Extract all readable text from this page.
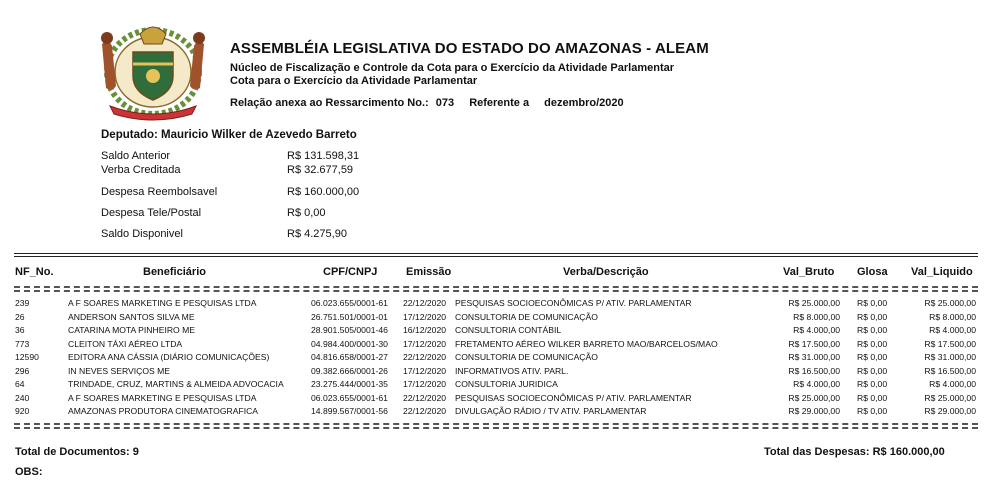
ASSEMBLÉIA LEGISLATIVA DO ESTADO DO AMAZONAS - ALEAM
Núcleo de Fiscalização e Controle da Cota para o Exercício da Atividade Parlamentar
Cota para o Exercício da Atividade Parlamentar
Relação anexa ao Ressarcimento No.: 073 Referente a dezembro/2020
Deputado: Mauricio Wilker de Azevedo Barreto
Saldo Anterior	R$ 131.598,31
Verba Creditada	R$ 32.677,59
Despesa Reembolsavel	R$ 160.000,00
Despesa Tele/Postal	R$ 0,00
Saldo Disponivel	R$ 4.275,90
NF_No.	Beneficiário	CPF/CNPJ	Emissão	Verba/Descrição	Val_Bruto Glosa Val_Liquido
239	A F SOARES MARKETING E PESQUISAS LTDA	06.023.655/0001-61	22/12/2020	PESQUISAS SOCIOECONÔMICAS P/ ATIV. PARLAMENTAR	R$ 25.000,00 R$ 0,00	R$ 25.000,00
26	ANDERSON SANTOS SILVA ME	26.751.501/0001-01	17/12/2020	CONSULTORIA DE COMUNICAÇÃO	R$ 8.000,00 R$ 0,00	R$ 8.000,00
36	CATARINA MOTA PINHEIRO ME	28.901.505/0001-46	16/12/2020	CONSULTORIA CONTÁBIL	R$ 4.000,00 R$ 0,00	R$ 4.000,00
773	CLEITON TÁXI AÉREO LTDA	04.984.400/0001-30	17/12/2020	FRETAMENTO AÉREO WILKER BARRETO MAO/BARCELOS/MAO	R$ 17.500,00 R$ 0,00	R$ 17.500,00
12590	EDITORA ANA CÁSSIA (DIÁRIO COMUNICAÇÕES)	04.816.658/0001-27	22/12/2020	CONSULTORIA DE COMUNICAÇÃO	R$ 31.000,00 R$ 0,00	R$ 31.000,00
296	IN NEVES SERVIÇOS ME	09.382.666/0001-26	17/12/2020	INFORMATIVOS ATIV. PARL.	R$ 16.500,00 R$ 0,00	R$ 16.500,00
64	TRINDADE, CRUZ, MARTINS & ALMEIDA ADVOCACIA	23.275.444/0001-35	17/12/2020	CONSULTORIA JURIDICA	R$ 4.000,00 R$ 0,00	R$ 4.000,00
240	A F SOARES MARKETING E PESQUISAS LTDA	06.023.655/0001-61	22/12/2020	PESQUISAS SOCIOECONÔMICAS P/ ATIV. PARLAMENTAR	R$ 25.000,00 R$ 0,00	R$ 25.000,00
920	AMAZONAS PRODUTORA CINEMATOGRAFICA	14.899.567/0001-56	22/12/2020	DIVULGAÇÃO RÁDIO / TV ATIV. PARLAMENTAR	R$ 29.000,00 R$ 0,00	R$ 29.000,00
Total de Documentos: 9	Total das Despesas: R$ 160.000,00
OBS:
